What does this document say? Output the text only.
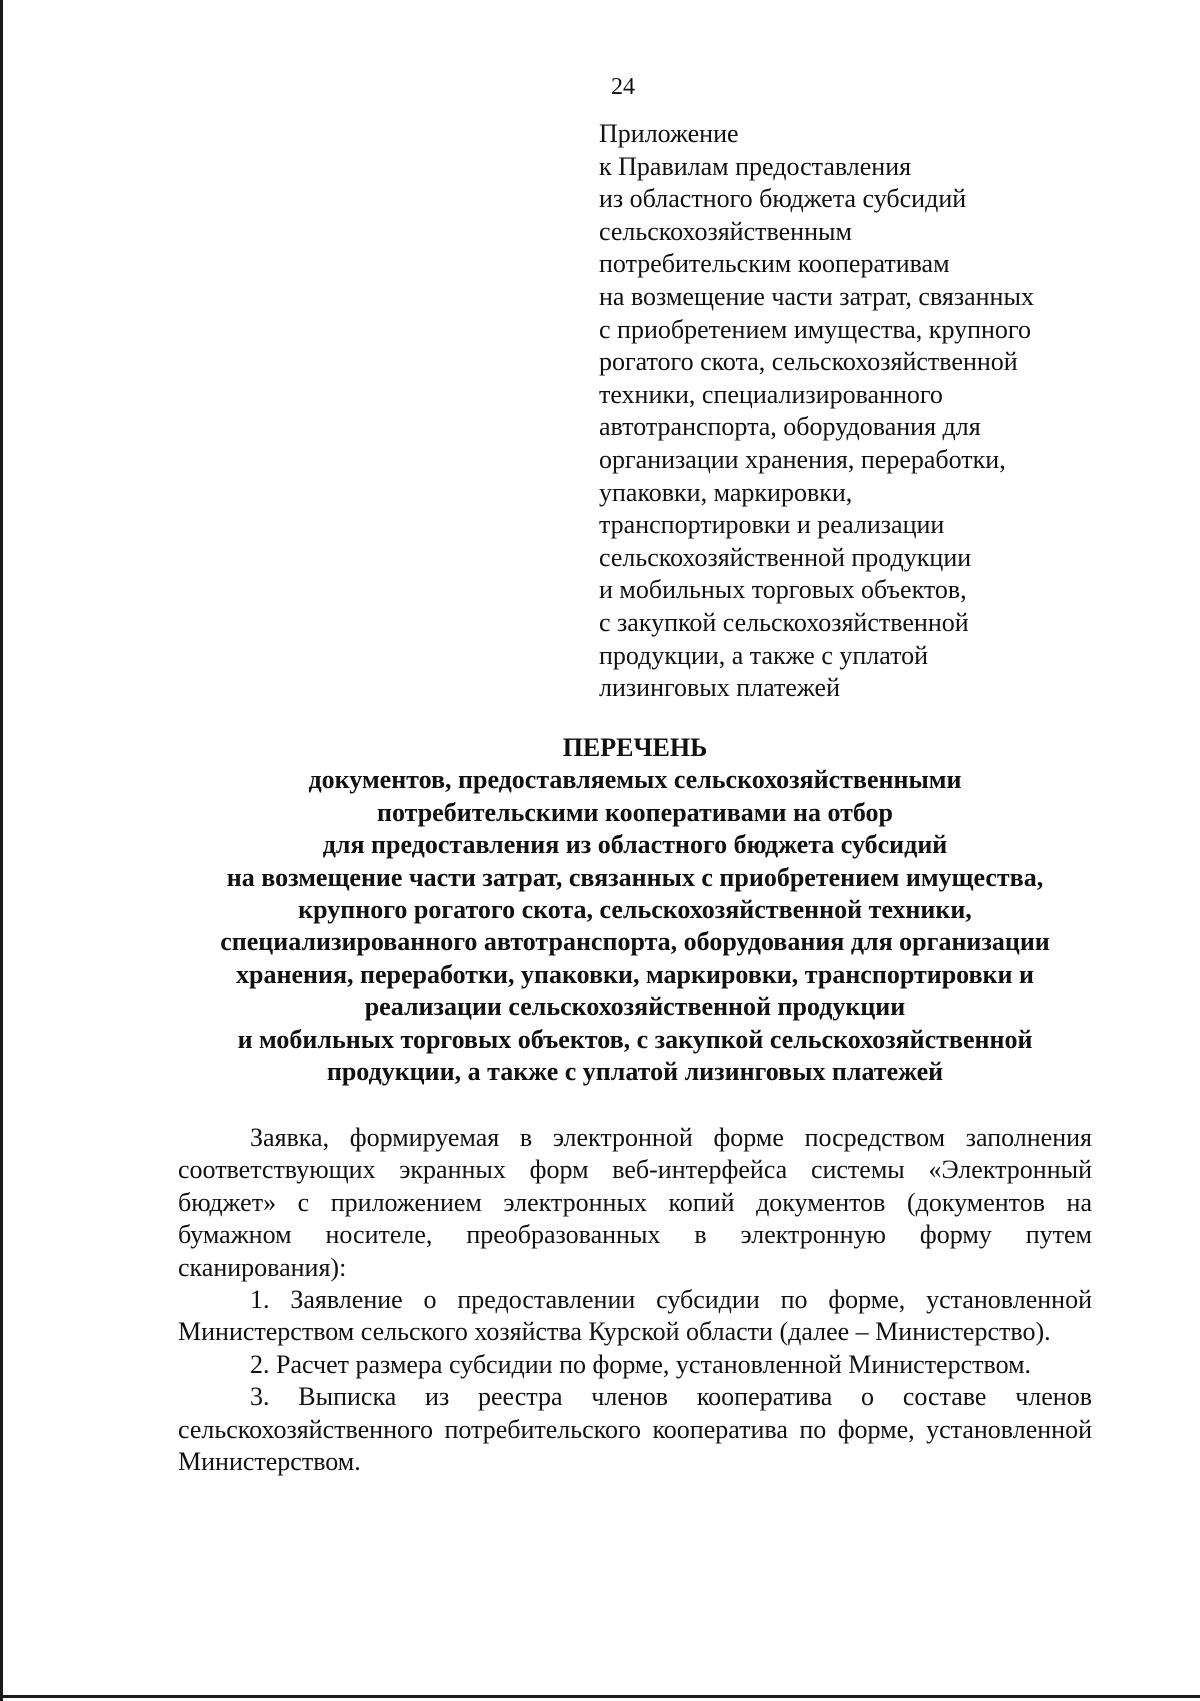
24
Приложение
к Правилам предоставления
из областного бюджета субсидий
сельскохозяйственным
потребительским кооперативам
на возмещение части затрат, связанных
с приобретением имущества, крупного
рогатого скота, сельскохозяйственной
техники, специализированного
автотранспорта, оборудования для
организации хранения, переработки,
упаковки, маркировки,
транспортировки и реализации
сельскохозяйственной продукции
и мобильных торговых объектов,
с закупкой сельскохозяйственной
продукции, а также с уплатой
лизинговых платежей
ПЕРЕЧЕНЬ
документов, предоставляемых сельскохозяйственными
потребительскими кооперативами на отбор
для предоставления из областного бюджета субсидий
на возмещение части затрат, связанных с приобретением имущества,
крупного рогатого скота, сельскохозяйственной техники,
специализированного автотранспорта, оборудования для организации
хранения, переработки, упаковки, маркировки, транспортировки и
реализации сельскохозяйственной продукции
и мобильных торговых объектов, с закупкой сельскохозяйственной
продукции, а также с уплатой лизинговых платежей

Заявка, формируемая в электронной форме посредством заполнения соответствующих экранных форм веб-интерфейса системы «Электронный бюджет» с приложением электронных копий документов (документов на бумажном носителе, преобразованных в электронную форму путем сканирования):

1. Заявление о предоставлении субсидии по форме, установленной Министерством сельского хозяйства Курской области (далее – Министерство).

2. Расчет размера субсидии по форме, установленной Министерством.

3. Выписка из реестра членов кооператива о составе членов сельскохозяйственного потребительского кооператива по форме, установленной Министерством.
